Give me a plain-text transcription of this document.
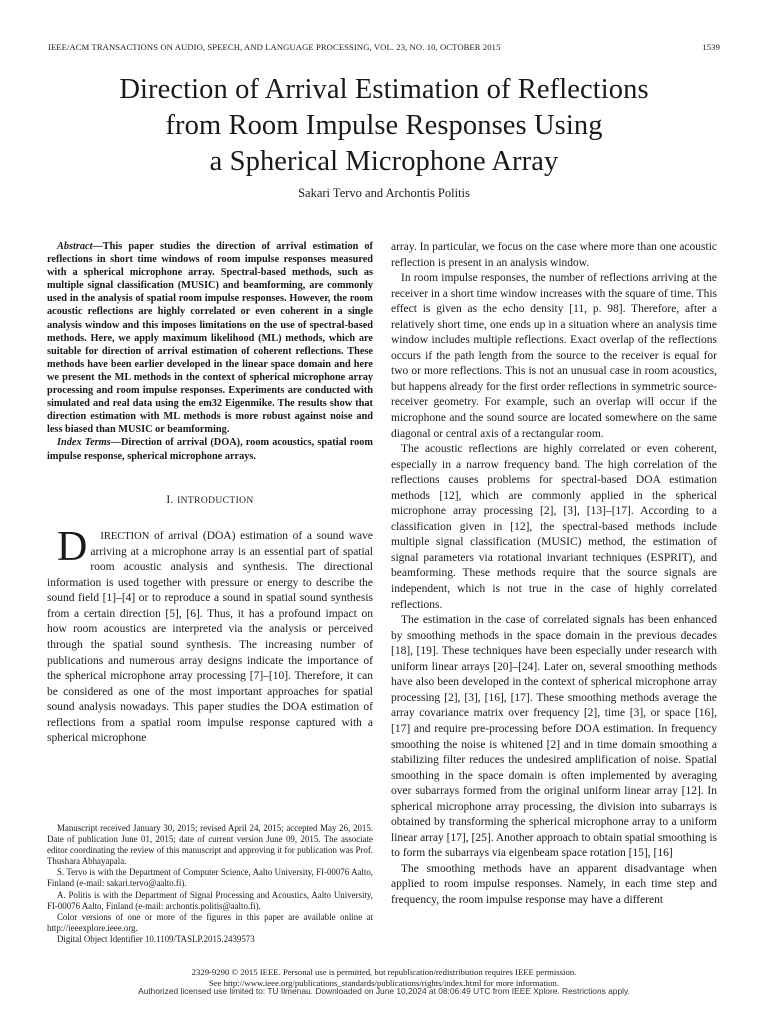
IEEE/ACM TRANSACTIONS ON AUDIO, SPEECH, AND LANGUAGE PROCESSING, VOL. 23, NO. 10, OCTOBER 2015	1539
Direction of Arrival Estimation of Reflections
from Room Impulse Responses Using
a Spherical Microphone Array
Sakari Tervo and Archontis Politis

Abstract—This paper studies the direction of arrival estimation of reflections in short time windows of room impulse responses measured with a spherical microphone array. Spectral-based methods, such as multiple signal classification (MUSIC) and beamforming, are commonly used in the analysis of spatial room impulse responses. However, the room acoustic reflections are highly correlated or even coherent in a single analysis window and this imposes limitations on the use of spectral-based methods. Here, we apply maximum likelihood (ML) methods, which are suitable for direction of arrival estimation of coherent reflections. These methods have been earlier developed in the linear space domain and here we present the ML methods in the context of spherical microphone array processing and room impulse responses. Experiments are conducted with simulated and real data using the em32 Eigenmike. The results show that direction estimation with ML methods is more robust against noise and less biased than MUSIC or beamforming.

Index Terms—Direction of arrival (DOA), room acoustics, spatial room impulse response, spherical microphone arrays.

I. INTRODUCTION

D IRECTION of arrival (DOA) estimation of a sound wave arriving at a microphone array is an essential part of spatial room acoustic analysis and synthesis. The directional information is used together with pressure or energy to describe the sound field [1]–[4] or to reproduce a sound in spatial sound synthesis from a certain direction [5], [6]. Thus, it has a profound impact on how room acoustics are interpreted via the analysis or perceived through the spatial sound synthesis. The increasing number of publications and numerous array designs indicate the importance of the spherical microphone array processing [7]–[10]. Therefore, it can be considered as one of the most important approaches for spatial sound analysis nowadays. This paper studies the DOA estimation of reflections from a spatial room impulse response captured with a spherical microphone

Manuscript received January 30, 2015; revised April 24, 2015; accepted May 26, 2015. Date of publication June 01, 2015; date of current version June 09, 2015. The associate editor coordinating the review of this manuscript and approving it for publication was Prof. Thushara Abhayapala.

S. Tervo is with the Department of Computer Science, Aalto University, FI-00076 Aalto, Finland (e-mail: sakari.tervo@aalto.fi).

A. Politis is with the Department of Signal Processing and Acoustics, Aalto University, FI-00076 Aalto, Finland (e-mail: archontis.politis@aalto.fi).

Color versions of one or more of the figures in this paper are available online at http://ieeexplore.ieee.org.

Digital Object Identifier 10.1109/TASLP.2015.2439573

array. In particular, we focus on the case where more than one acoustic reflection is present in an analysis window.

In room impulse responses, the number of reflections arriving at the receiver in a short time window increases with the square of time. This effect is given as the echo density [11, p. 98]. Therefore, after a relatively short time, one ends up in a situation where an analysis time window includes multiple reflections. Exact overlap of the reflections occurs if the path length from the source to the receiver is equal for two or more reflections. This is not an unusual case in room acoustics, but happens already for the first order reflections in symmetric source-receiver geometry. For example, such an overlap will occur if the microphone and the sound source are located somewhere on the same diagonal or central axis of a rectangular room.

The acoustic reflections are highly correlated or even coherent, especially in a narrow frequency band. The high correlation of the reflections causes problems for spectral-based DOA estimation methods [12], which are commonly applied in the spherical microphone array processing [2], [3], [13]–[17]. According to a classification given in [12], the spectral-based methods include multiple signal classification (MUSIC) method, the estimation of signal parameters via rotational invariant techniques (ESPRIT), and beamforming. These methods require that the source signals are independent, which is not true in the case of highly correlated reflections.

The estimation in the case of correlated signals has been enhanced by smoothing methods in the space domain in the previous decades [18], [19]. These techniques have been especially under research with uniform linear arrays [20]–[24]. Later on, several smoothing methods have also been developed in the context of spherical microphone array processing [2], [3], [16], [17]. These smoothing methods average the array covariance matrix over frequency [2], time [3], or space [16], [17] and require pre-processing before DOA estimation. In frequency smoothing the noise is whitened [2] and in time domain smoothing a stabilizing filter reduces the undesired amplification of noise. Spatial smoothing in the space domain is often implemented by averaging over subarrays formed from the original uniform linear array [12]. In spherical microphone array processing, the division into subarrays is obtained by transforming the spherical microphone array to a uniform linear array [17], [25]. Another approach to obtain spatial smoothing is to form the subarrays via eigenbeam space rotation [15], [16]

The smoothing methods have an apparent disadvantage when applied to room impulse responses. Namely, in each time step and frequency, the room impulse response may have a different

2329-9290 © 2015 IEEE. Personal use is permitted, but republication/redistribution requires IEEE permission.
See http://www.ieee.org/publications_standards/publications/rights/index.html for more information.
Authorized licensed use limited to: TU Ilmenau. Downloaded on June 10,2024 at 08:06:49 UTC from IEEE Xplore. Restrictions apply.
